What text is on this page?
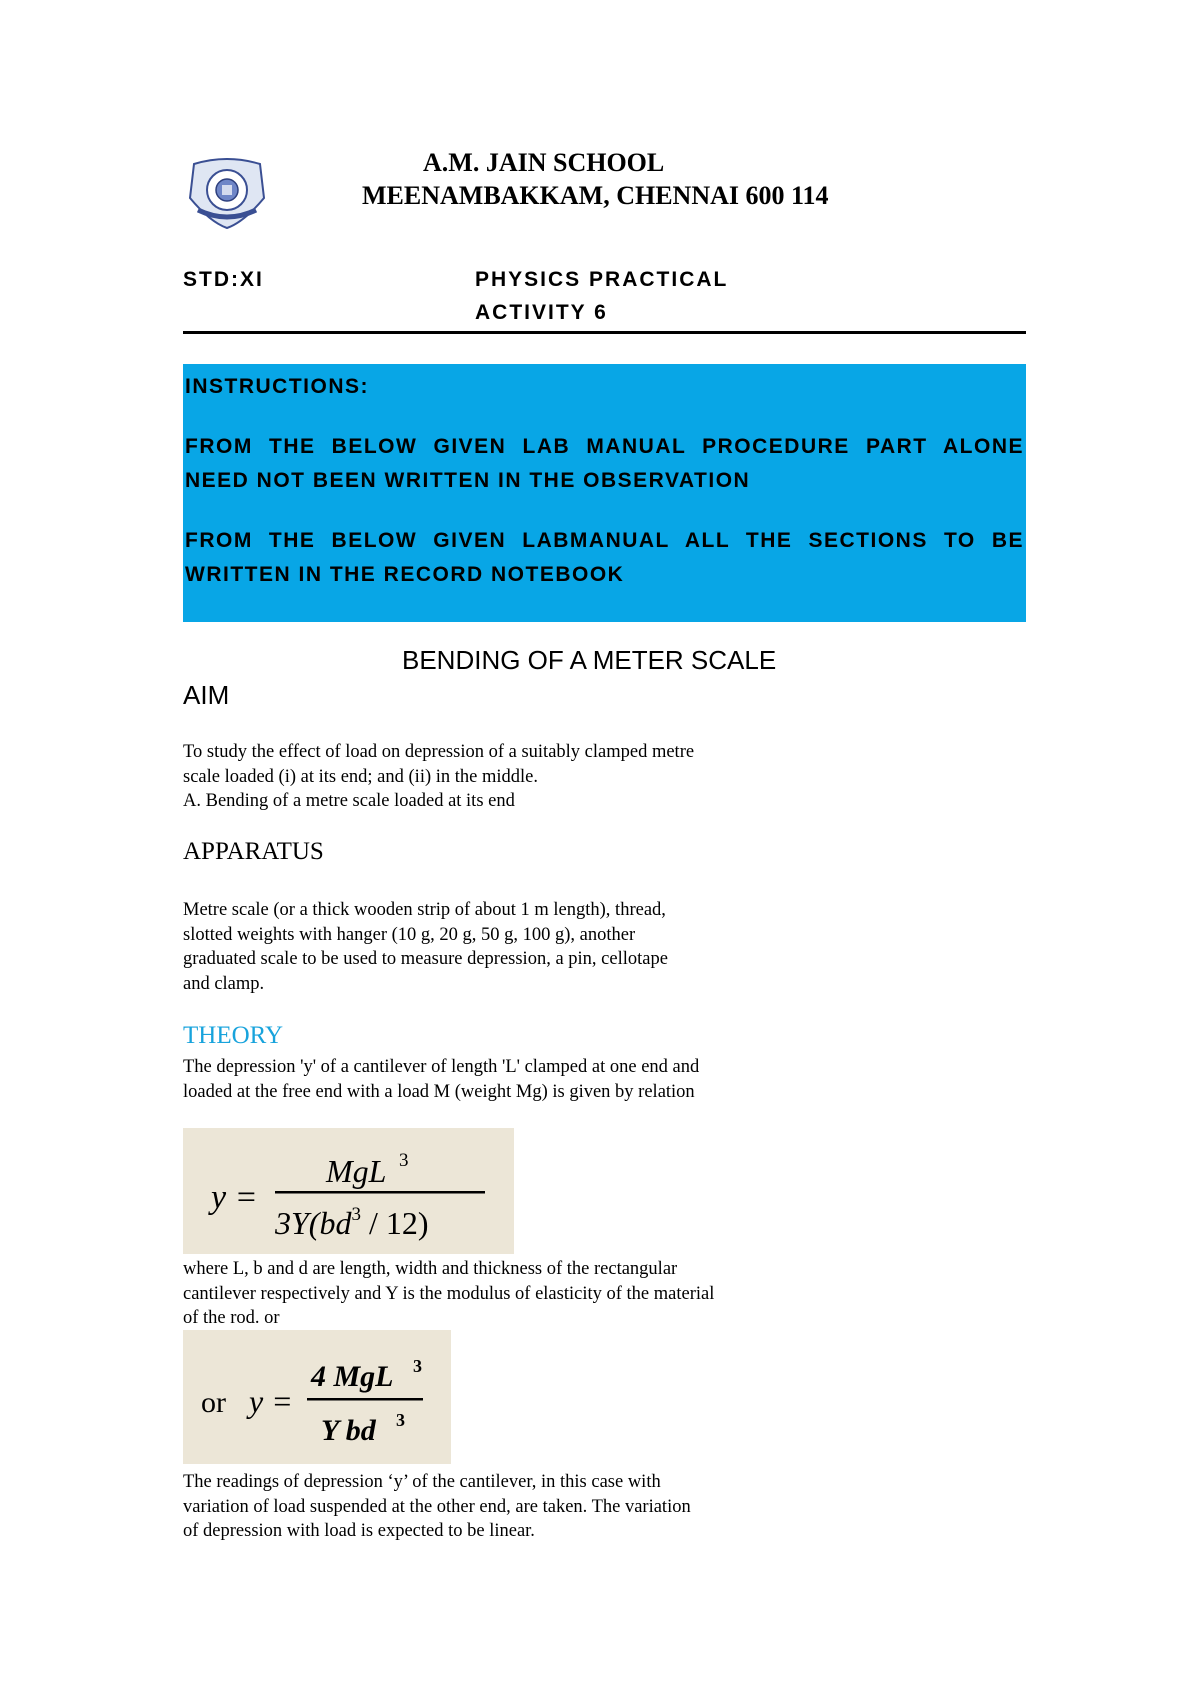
A.M. JAIN SCHOOL
MEENAMBAKKAM, CHENNAI 600 114
STD:XI	PHYSICS PRACTICAL
ACTIVITY 6

INSTRUCTIONS:

FROM THE BELOW GIVEN LAB MANUAL PROCEDURE PART ALONE NEED NOT BEEN WRITTEN IN THE OBSERVATION

FROM THE BELOW GIVEN LABMANUAL ALL THE SECTIONS TO BE WRITTEN IN THE RECORD NOTEBOOK

BENDING OF A METER SCALE
AIM
To study the effect of load on depression of a suitably clamped metre
scale loaded (i) at its end; and (ii) in the middle.
A. Bending of a metre scale loaded at its end
APPARATUS
Metre scale (or a thick wooden strip of about 1 m length), thread,
slotted weights with hanger (10 g, 20 g, 50 g, 100 g), another
graduated scale to be used to measure depression, a pin, cellotape
and clamp.
THEORY
The depression 'y' of a cantilever of length 'L' clamped at one end and
loaded at the free end with a load M (weight Mg) is given by relation
y =
MgL 3
$3Y(bd^3 / 12)$
where L, b and d are length, width and thickness of the rectangular
cantilever respectively and Y is the modulus of elasticity of the material
of the rod. or
or y =
4 MgL 3
Y bd 3
The readings of depression ‘y’ of the cantilever, in this case with
variation of load suspended at the other end, are taken. The variation
of depression with load is expected to be linear.
